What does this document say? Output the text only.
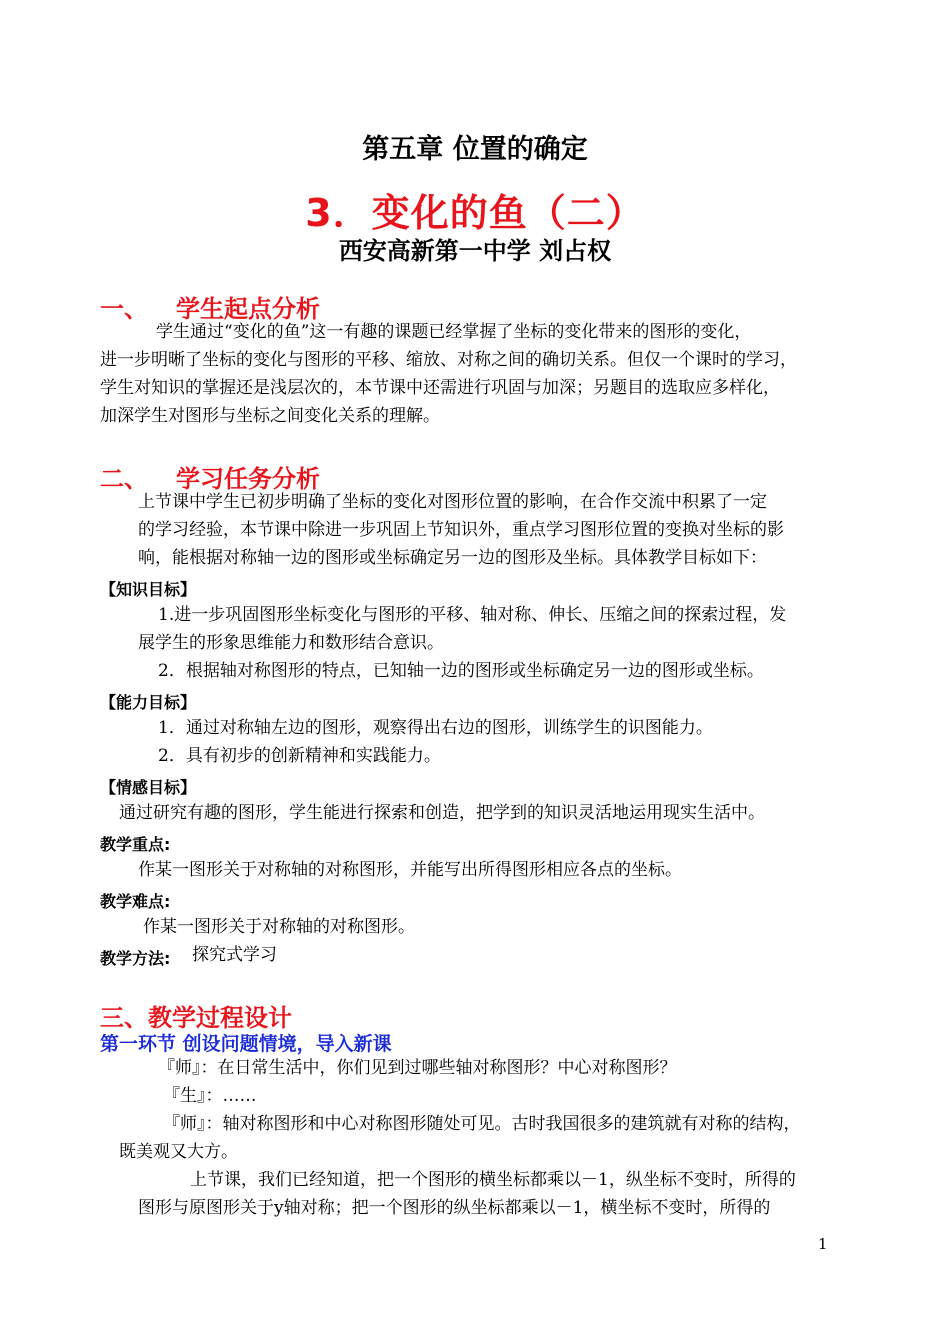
第五章 位置的确定
3．变化的鱼（二）
西安高新第一中学 刘占权
一、 学生起点分析
学生通过“变化的鱼”这一有趣的课题已经掌握了坐标的变化带来的图形的变化，
进一步明晰了坐标的变化与图形的平移、缩放、对称之间的确切关系。但仅一个课时的学习，
学生对知识的掌握还是浅层次的，本节课中还需进行巩固与加深；另题目的选取应多样化，
加深学生对图形与坐标之间变化关系的理解。
二、 学习任务分析
上节课中学生已初步明确了坐标的变化对图形位置的影响，在合作交流中积累了一定
的学习经验，本节课中除进一步巩固上节知识外，重点学习图形位置的变换对坐标的影
响，能根据对称轴一边的图形或坐标确定另一边的图形及坐标。具体教学目标如下：
【知识目标】
1.进一步巩固图形坐标变化与图形的平移、轴对称、伸长、压缩之间的探索过程，发
展学生的形象思维能力和数形结合意识。
2．根据轴对称图形的特点，已知轴一边的图形或坐标确定另一边的图形或坐标。
【能力目标】
1．通过对称轴左边的图形，观察得出右边的图形，训练学生的识图能力。
2．具有初步的创新精神和实践能力。
【情感目标】
通过研究有趣的图形，学生能进行探索和创造，把学到的知识灵活地运用现实生活中。
教学重点:
作某一图形关于对称轴的对称图形，并能写出所得图形相应各点的坐标。
教学难点:
作某一图形关于对称轴的对称图形。
教学方法: 探究式学习
三、教学过程设计
第一环节 创设问题情境，导入新课
『师』：在日常生活中，你们见到过哪些轴对称图形？中心对称图形？
『生』：……
『师』：轴对称图形和中心对称图形随处可见。古时我国很多的建筑就有对称的结构，
既美观又大方。
上节课，我们已经知道，把一个图形的横坐标都乘以－1，纵坐标不变时，所得的
图形与原图形关于y轴对称；把一个图形的纵坐标都乘以－1，横坐标不变时，所得的
1
